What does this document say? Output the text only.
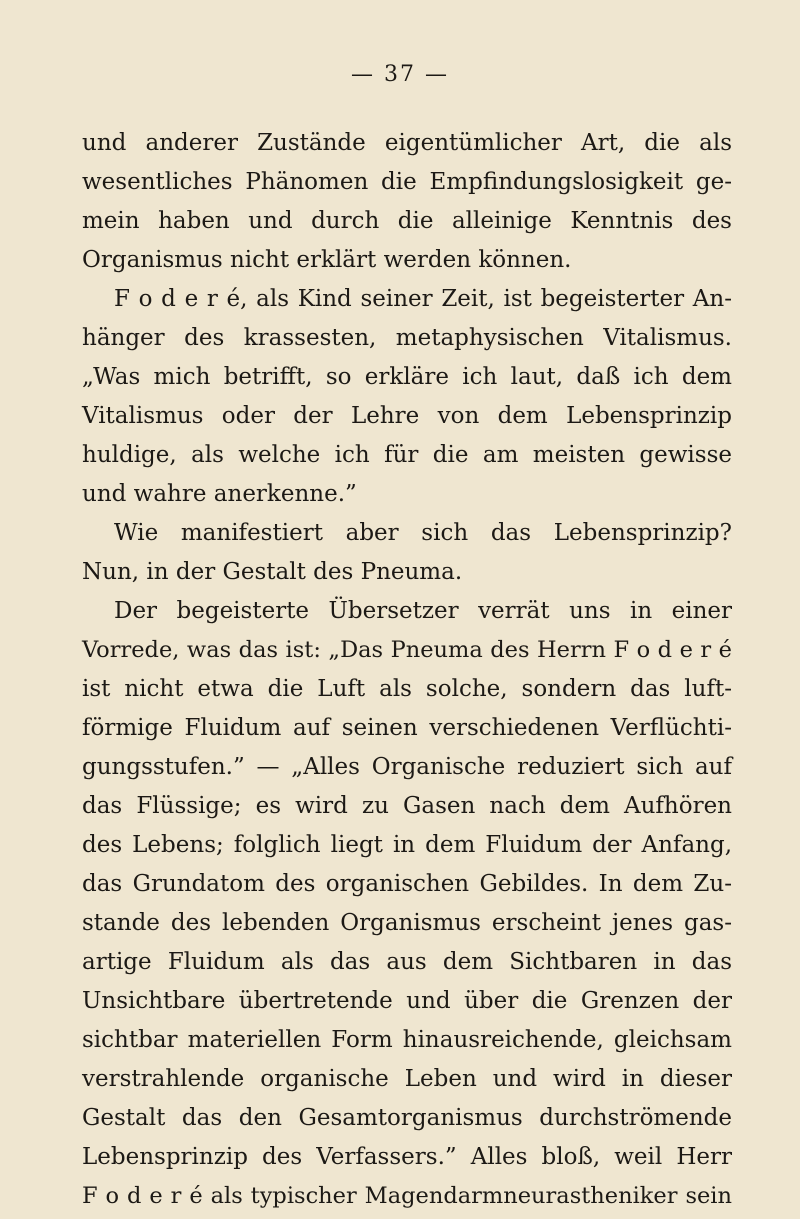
— 37 —
und anderer Zustände eigentümlicher Art, die als
wesentliches Phänomen die Empfindungslosigkeit ge-
mein haben und durch die alleinige Kenntnis des
Organismus nicht erklärt werden können.
F o d e r é, als Kind seiner Zeit, ist begeisterter An-
hänger des krassesten, metaphysischen Vitalismus.
„Was mich betrifft, so erkläre ich laut, daß ich dem
Vitalismus oder der Lehre von dem Lebensprinzip
huldige, als welche ich für die am meisten gewisse
und wahre anerkenne.”
Wie manifestiert aber sich das Lebensprinzip?
Nun, in der Gestalt des Pneuma.
Der begeisterte Übersetzer verrät uns in einer
Vorrede, was das ist: „Das Pneuma des Herrn F o d e r é
ist nicht etwa die Luft als solche, sondern das luft-
förmige Fluidum auf seinen verschiedenen Verflüchti-
gungsstufen.” — „Alles Organische reduziert sich auf
das Flüssige; es wird zu Gasen nach dem Aufhören
des Lebens; folglich liegt in dem Fluidum der Anfang,
das Grundatom des organischen Gebildes. In dem Zu-
stande des lebenden Organismus erscheint jenes gas-
artige Fluidum als das aus dem Sichtbaren in das
Unsichtbare übertretende und über die Grenzen der
sichtbar materiellen Form hinausreichende, gleichsam
verstrahlende organische Leben und wird in dieser
Gestalt das den Gesamtorganismus durchströmende
Lebensprinzip des Verfassers.” Alles bloß, weil Herr
F o d e r é als typischer Magendarmneurastheniker sein
